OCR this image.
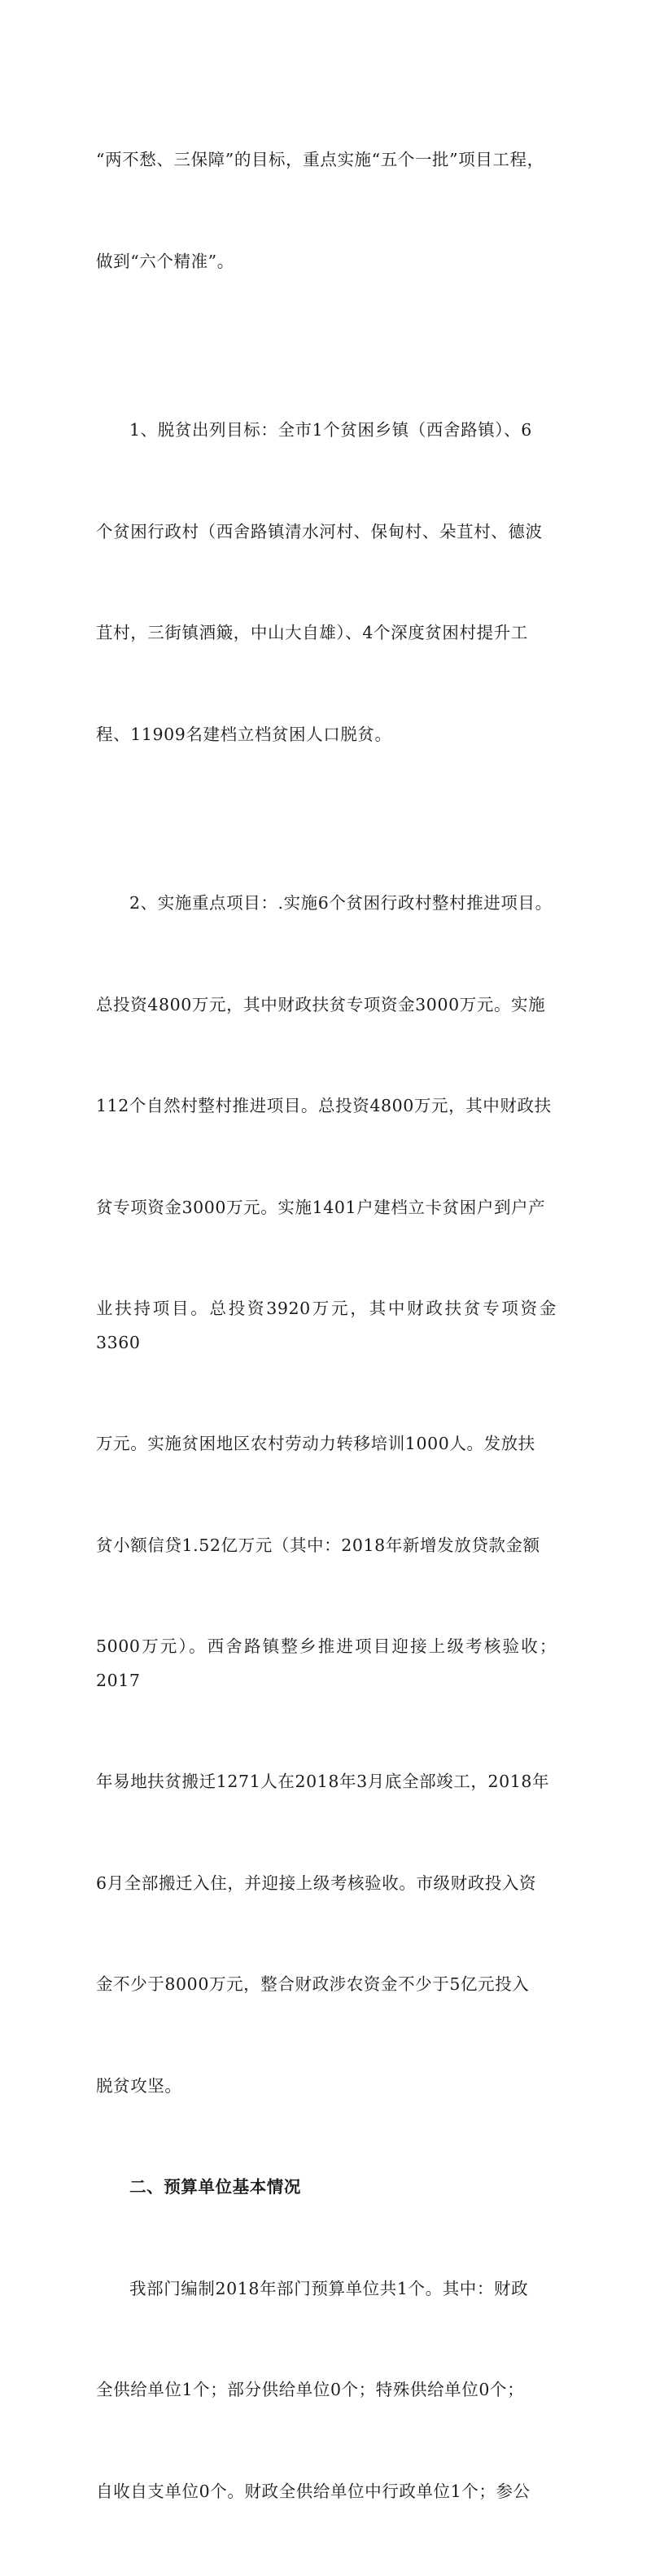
“两不愁、三保障”的目标，重点实施“五个一批”项目工程，

做到“六个精准”。

1、脱贫出列目标：全市1个贫困乡镇（西舍路镇）、6

个贫困行政村（西舍路镇清水河村、保甸村、朵苴村、德波

苴村，三街镇酒簸，中山大自雄）、4个深度贫困村提升工

程、11909名建档立档贫困人口脱贫。

2、实施重点项目：.实施6个贫困行政村整村推进项目。

总投资4800万元，其中财政扶贫专项资金3000万元。实施

112个自然村整村推进项目。总投资4800万元，其中财政扶

贫专项资金3000万元。实施1401户建档立卡贫困户到户产

业扶持项目。总投资3920万元，其中财政扶贫专项资金3360

万元。实施贫困地区农村劳动力转移培训1000人。发放扶

贫小额信贷1.52亿万元（其中：2018年新增发放贷款金额

5000万元）。西舍路镇整乡推进项目迎接上级考核验收；2017

年易地扶贫搬迁1271人在2018年3月底全部竣工，2018年

6月全部搬迁入住，并迎接上级考核验收。市级财政投入资

金不少于8000万元，整合财政涉农资金不少于5亿元投入

脱贫攻坚。

二、预算单位基本情况

我部门编制2018年部门预算单位共1个。其中：财政

全供给单位1个；部分供给单位0个；特殊供给单位0个；

自收自支单位0个。财政全供给单位中行政单位1个；参公
